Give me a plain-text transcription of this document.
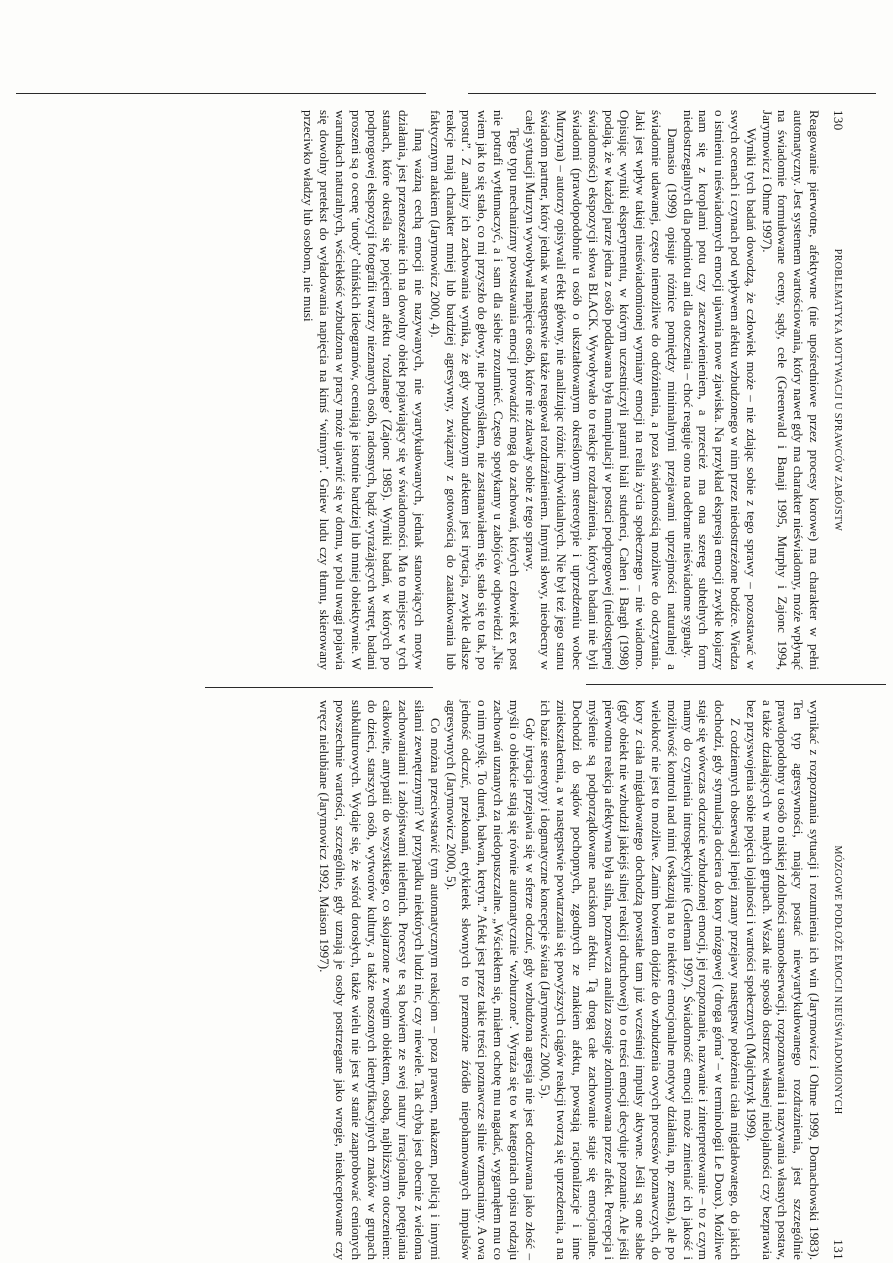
130
PROBLEMATYKA MOTYWACJI U SPRAWCÓW ZABÓJSTW

Reagowanie pierwotne, afektywne (nie upośredniowe przez procesy korowe) ma charakter w pełni automatyczny. Jest systemem wartościowania, który nawet gdy ma charakter nieświadomy, może wpłynąć na świadomie formułowane oceny, sądy, cele (Greenwald i Banaji 1995, Murphy i Zajonc 1994, Jarymowicz i Ohme 1997).

Wyniki tych badań dowodzą, że człowiek może – nie zdając sobie z tego sprawy – pozostawać w swych ocenach i czynach pod wpływem afektu wzbudzonego w nim przez niedostrzeżone bodźce. Wiedza o istnieniu nieświadomych emocji ujawnia nowe zjawiska. Na przykład ekspresja emocji zwykle kojarzy nam się z kroplami potu czy zaczerwienieniem, a przecież ma ona szereg subtelnych form niedostrzegalnych dla podmiotu ani dla otoczenia – choć reaguje ono na odebrane nieświadome sygnały.

Damasio (1999) opisuje różnice pomiędzy minimalnymi przejawami uprzejmości naturalnej a świadomie udawanej, często niemożliwe do odróżnienia, a poza świadomością możliwe do odczytania. Jaki jest wpływ takiej nieuświadomionej wymiany emocji na realia życia społecznego – nie wiadomo. Opisując wyniki eksperymentu, w którym uczestniczyli parami biali studenci, Cahen i Bargh (1998) podają, że w każdej parze jedna z osób poddawana była manipulacji w postaci podprogowej (niedostępnej świadomości) ekspozycji słowa BLACK. Wywoływało to reakcje rozdrażnienia, których badani nie byli świadomi (prawdopodobnie u osób o ukształtowanym określonym stereotypie i uprzedzeniu wobec Murzyna) – autorzy opisywali efekt główny, nie analizując różnic indywidualnych. Nie był też jego stanu świadom partner, który jednak w następstwie także reagował rozdrażnieniem. Innymi słowy, nieobecny w całej sytuacji Murzyn wywoływał napięcie osób, które nie zdawały sobie z tego sprawy.

Tego typu mechanizmy powstawania emocji prowadzić mogą do zachowań, których człowiek ex post nie potrafi wytłumaczyć, a i sam dla siebie zrozumieć. Często spotykamy u zabójców odpowiedzi „Nie wiem jak to się stało, co mi przyszło do głowy, nie pomyślałem, nie zastanawiałem się, stało się to tak, po prostu”. Z analizy ich zachowania wynika, że gdy wzbudzonym afektem jest irytacja, zwykle dalsze reakcje mają charakter mniej lub bardziej agresywny, związany z gotowością do zaatakowania lub faktycznym atakiem (Jarymowicz 2000, 4).

Inną ważną cechą emocji nie nazywanych, nie wyartykułowanych, jednak stanowiących motyw działania, jest przenoszenie ich na dowolny obiekt pojawiający się w świadomości. Ma to miejsce w tych stanach, które określa się pojęciem afektu ‘rozlanego’ (Zajonc 1985). Wyniki badań, w których po podprogowej ekspozycji fotografii twarzy nieznanych osób, radosnych, bądź wyrażających wstręt, badani proszeni są o ocenę ‘urody’ chińskich ideogramów, oceniają je istotnie bardziej lub mniej obiektywnie. W warunkach naturalnych, wściekłość wzbudzona w pracy może ujawnić się w domu, w polu uwagi pojawia się dowolny pretekst do wyładowania napięcia na kimś ‘winnym’. Gniew ludu czy tłumu, skierowany przeciwko władzy lub osobom, nie musi

MÓZGOWE PODŁOŻE EMOCJI NIEUŚWIADOMIONYCH
131

wynikać z rozpoznania sytuacji i rozumienia ich win (Jarymowicz i Ohme 1999, Domachowski 1983). Ten typ agresywności, mający postać niewyartykułowanego rozdrażnienia, jest szczególnie prawdopodobny u osób o niskiej zdolności samoobserwacji, rozpoznawania i nazywania własnych postaw, a także działających w małych grupach. Wszak nie sposób dostrzec własnej nielojalności czy bezprawia bez przyswojenia sobie pojęcia lojalności i wartości społecznych (Majchrzyk 1999).

Z codziennych obserwacji lepiej znany przejawy następstw położenia ciała migdałowatego, do jakich dochodzi, gdy stymulacja dociera do kory mózgowej (‘droga górna’ – w terminologii Le Doux). Możliwe staje się wówczas odczucie wzbudzonej emocji, jej rozpoznanie, nazwanie i zinterpretowanie – to z czym mamy do czynienia introspekcyjnie (Goleman 1997). Świadomość emocji może zmieniać ich jakość i możliwość kontroli nad nimi (wskazują na to niektóre emocjonalne motywy działania, np. zemsta), ale po wielokroć nie jest to możliwe. Zanim bowiem dojdzie do wzbudzenia owych procesów poznawczych, do kory z ciała migdałowatego dochodzą powstałe tam już wcześniej impulsy aktywne. Jeśli są one słabe (gdy obiekt nie wzbudził jakiejś silnej reakcji odruchowej) to o treści emocji decyduje poznanie. Ale jeśli pierwotna reakcja afektywna była silna, poznawcza analiza zostaje zdominowana przez afekt. Percepcja i myślenie są podporządkowane naciskom afektu. Tą drogą całe zachowanie staje się emocjonalne. Dochodzi do sądów pochopnych, zgodnych ze znakiem afektu, powstają racjonalizacje i inne zniekształcenia, a w następstwie powtarzania się powyższych ciągów reakcji tworzą się uprzedzenia, a na ich bazie stereotypy i dogmatyczne koncepcje świata (Jarymowicz 2000, 5).

Gdy irytacja przejawia się w sferze odczuć, gdy wzbudzona agresja nie jest odczuwana jako złość – myśli o obiekcie stają się równie automatycznie ‘wzburzone’. Wyraża się to w kategoriach opisu rodzaju zachowań uznanych za niedopuszczalne. „Wściekłem się, miałem ochotę mu nagadać, wygarnąłem mu co o nim myślę. To dureń, bałwan, kretyn.” Afekt jest przez takie treści poznawcze silnie wzmacniany. A owa jedność odczuć, przekonań, etykietek słownych to przemożne źródło niepohamowanych impulsów agresywnych (Jarymowicz 2000, 5).

Co można przeciwstawić tym automatycznym reakcjom – poza prawem, nakazem, policją i innymi siłami zewnętrznymi? W przypadku niektórych ludzi nic, czy niewiele. Tak chyba jest obecnie z wieloma zachowaniami i zabójstwami nieletnich. Procesy te są bowiem ze swej natury irracjonalne, potępiania całkowite, antypatii do wszystkiego, co skojarzone z wrogim obiektem, osobą, najbliższym otoczeniem: do dzieci, starszych osób, wytworów kultury, a także noszonych identyfikacyjnych znaków w grupach subkulturowych. Wydaje się, że wśród dorosłych, także wielu nie jest w stanie zaaprobować cenionych powszechnie wartości, szczególnie, gdy uznają je osoby postrzegane jako wrogie, nieakceptowane czy wręcz nielubiane (Jarymowicz 1992, Maison 1997).
